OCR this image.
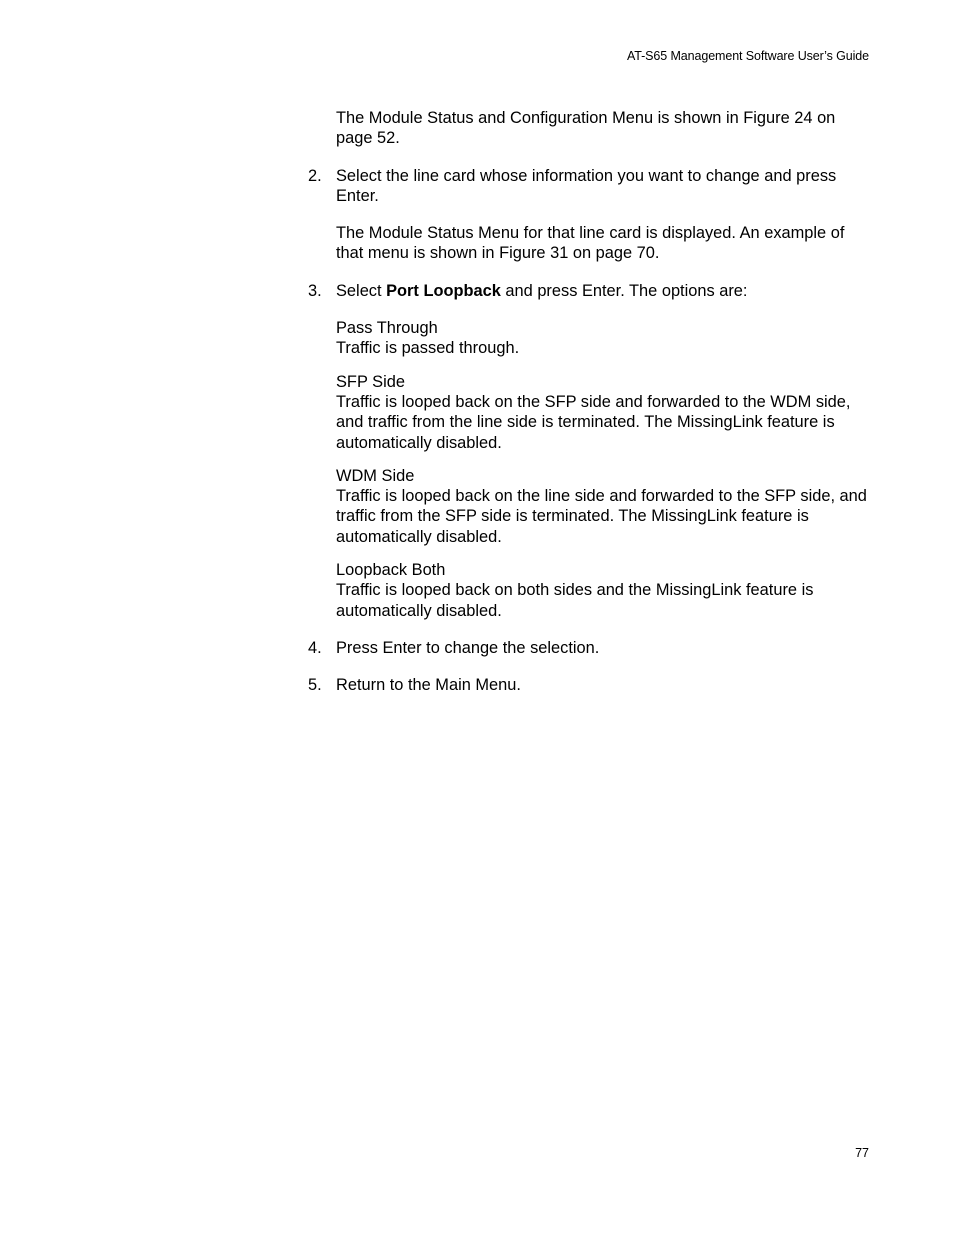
AT-S65 Management Software User’s Guide

The Module Status and Configuration Menu is shown in Figure 24 on page 52.

2. Select the line card whose information you want to change and press Enter.

The Module Status Menu for that line card is displayed. An example of that menu is shown in Figure 31 on page 70.

3. Select Port Loopback and press Enter. The options are:
Pass Through
Traffic is passed through.
SFP Side
Traffic is looped back on the SFP side and forwarded to the WDM side, and traffic from the line side is terminated. The MissingLink feature is automatically disabled.
WDM Side
Traffic is looped back on the line side and forwarded to the SFP side, and traffic from the SFP side is terminated. The MissingLink feature is automatically disabled.
Loopback Both
Traffic is looped back on both sides and the MissingLink feature is automatically disabled.
4. Press Enter to change the selection.
5. Return to the Main Menu.
77
